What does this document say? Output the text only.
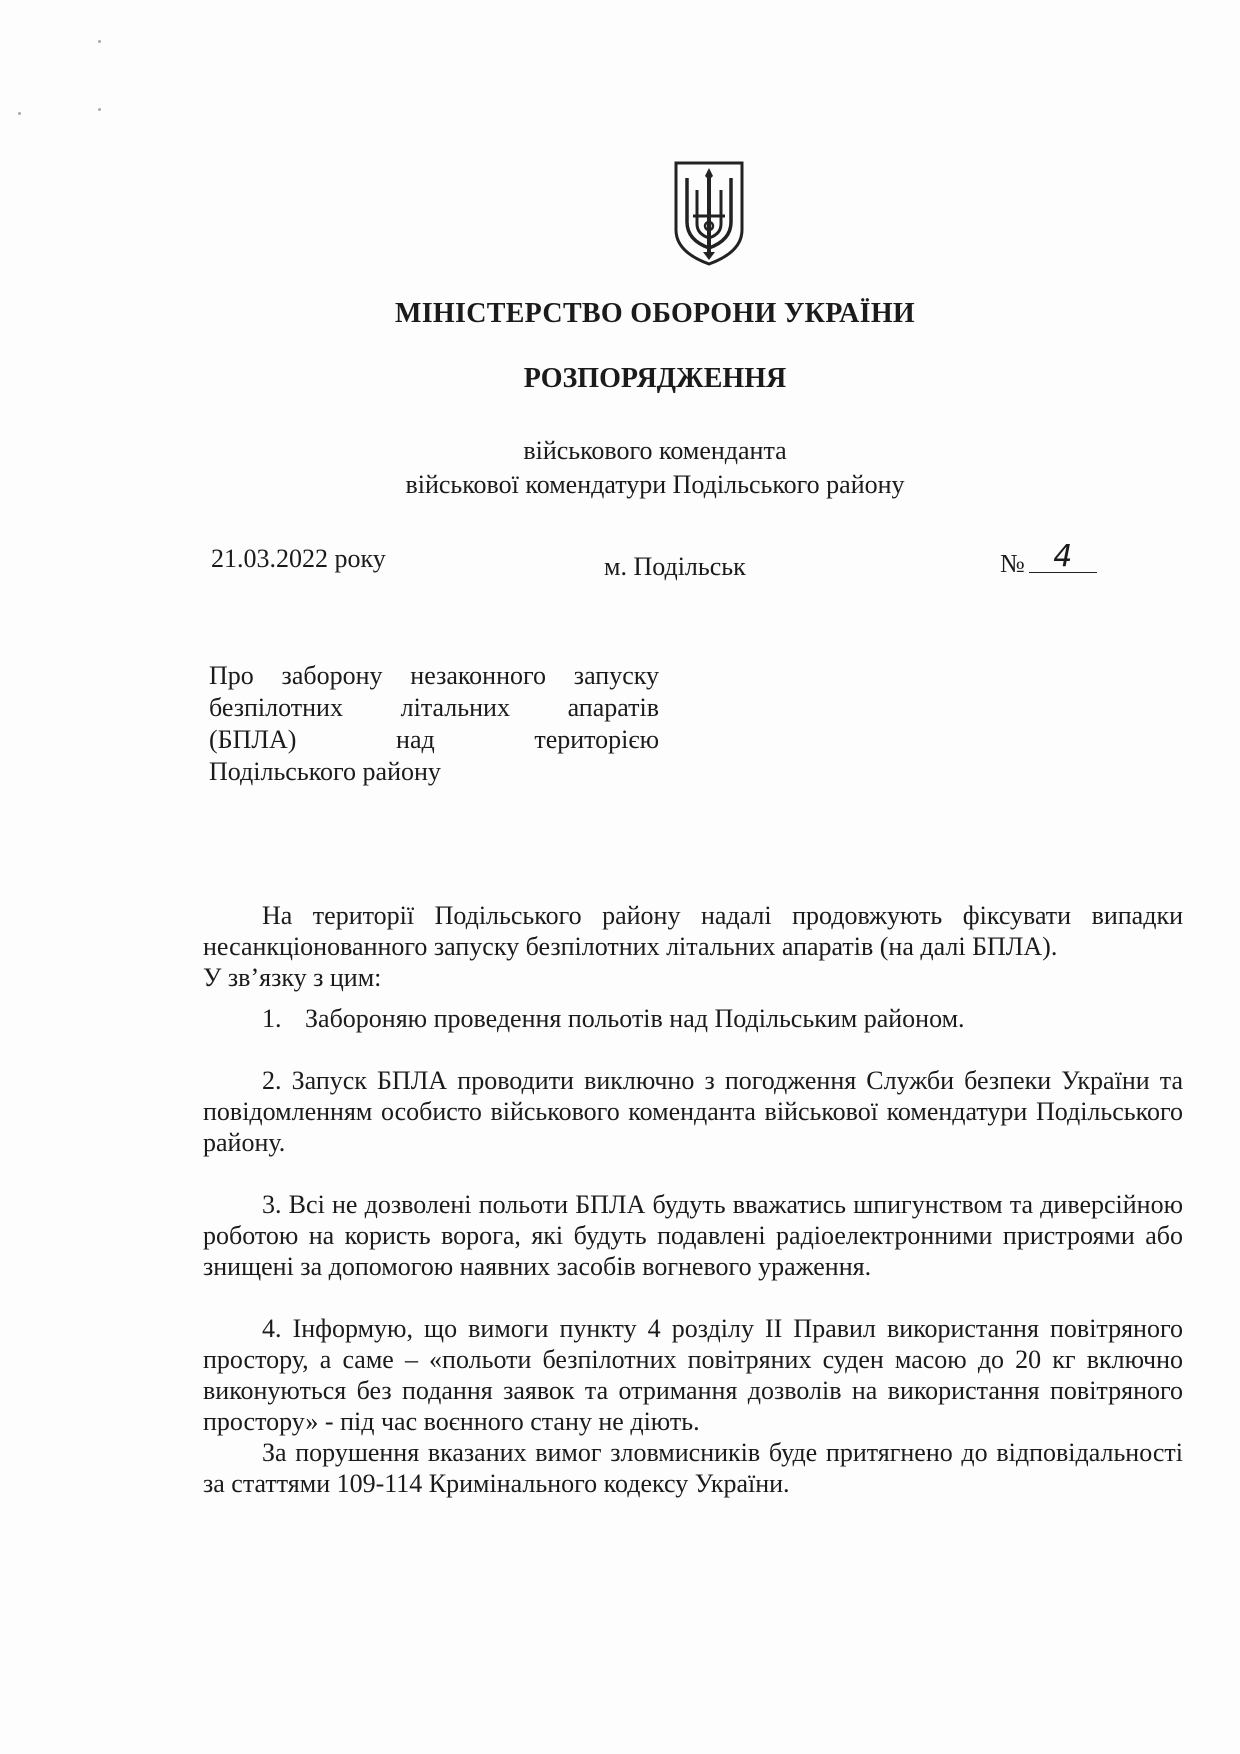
МІНІСТЕРСТВО ОБОРОНИ УКРАЇНИ
РОЗПОРЯДЖЕННЯ
військового коменданта
військової комендатури Подільського району
21.03.2022 року	м. Подільськ	№ 4
Про заборону незаконного запуску
безпілотних літальних апаратів
(БПЛА) над територією
Подільського району

На території Подільського району надалі продовжують фіксувати випадки несанкціонованного запуску безпілотних літальних апаратів (на далі БПЛА).

У зв’язку з цим:

1. Забороняю проведення польотів над Подільським районом.

2. Запуск БПЛА проводити виключно з погодження Служби безпеки України та повідомленням особисто військового коменданта військової комендатури Подільського району.

3. Всі не дозволені польоти БПЛА будуть вважатись шпигунством та диверсійною роботою на користь ворога, які будуть подавлені радіоелектронними пристроями або знищені за допомогою наявних засобів вогневого ураження.

4. Інформую, що вимоги пункту 4 розділу ІІ Правил використання повітряного простору, а саме – «польоти безпілотних повітряних суден масою до 20 кг включно виконуються без подання заявок та отримання дозволів на використання повітряного простору» - під час воєнного стану не діють.

За порушення вказаних вимог зловмисників буде притягнено до відповідальності за статтями 109-114 Кримінального кодексу України.
